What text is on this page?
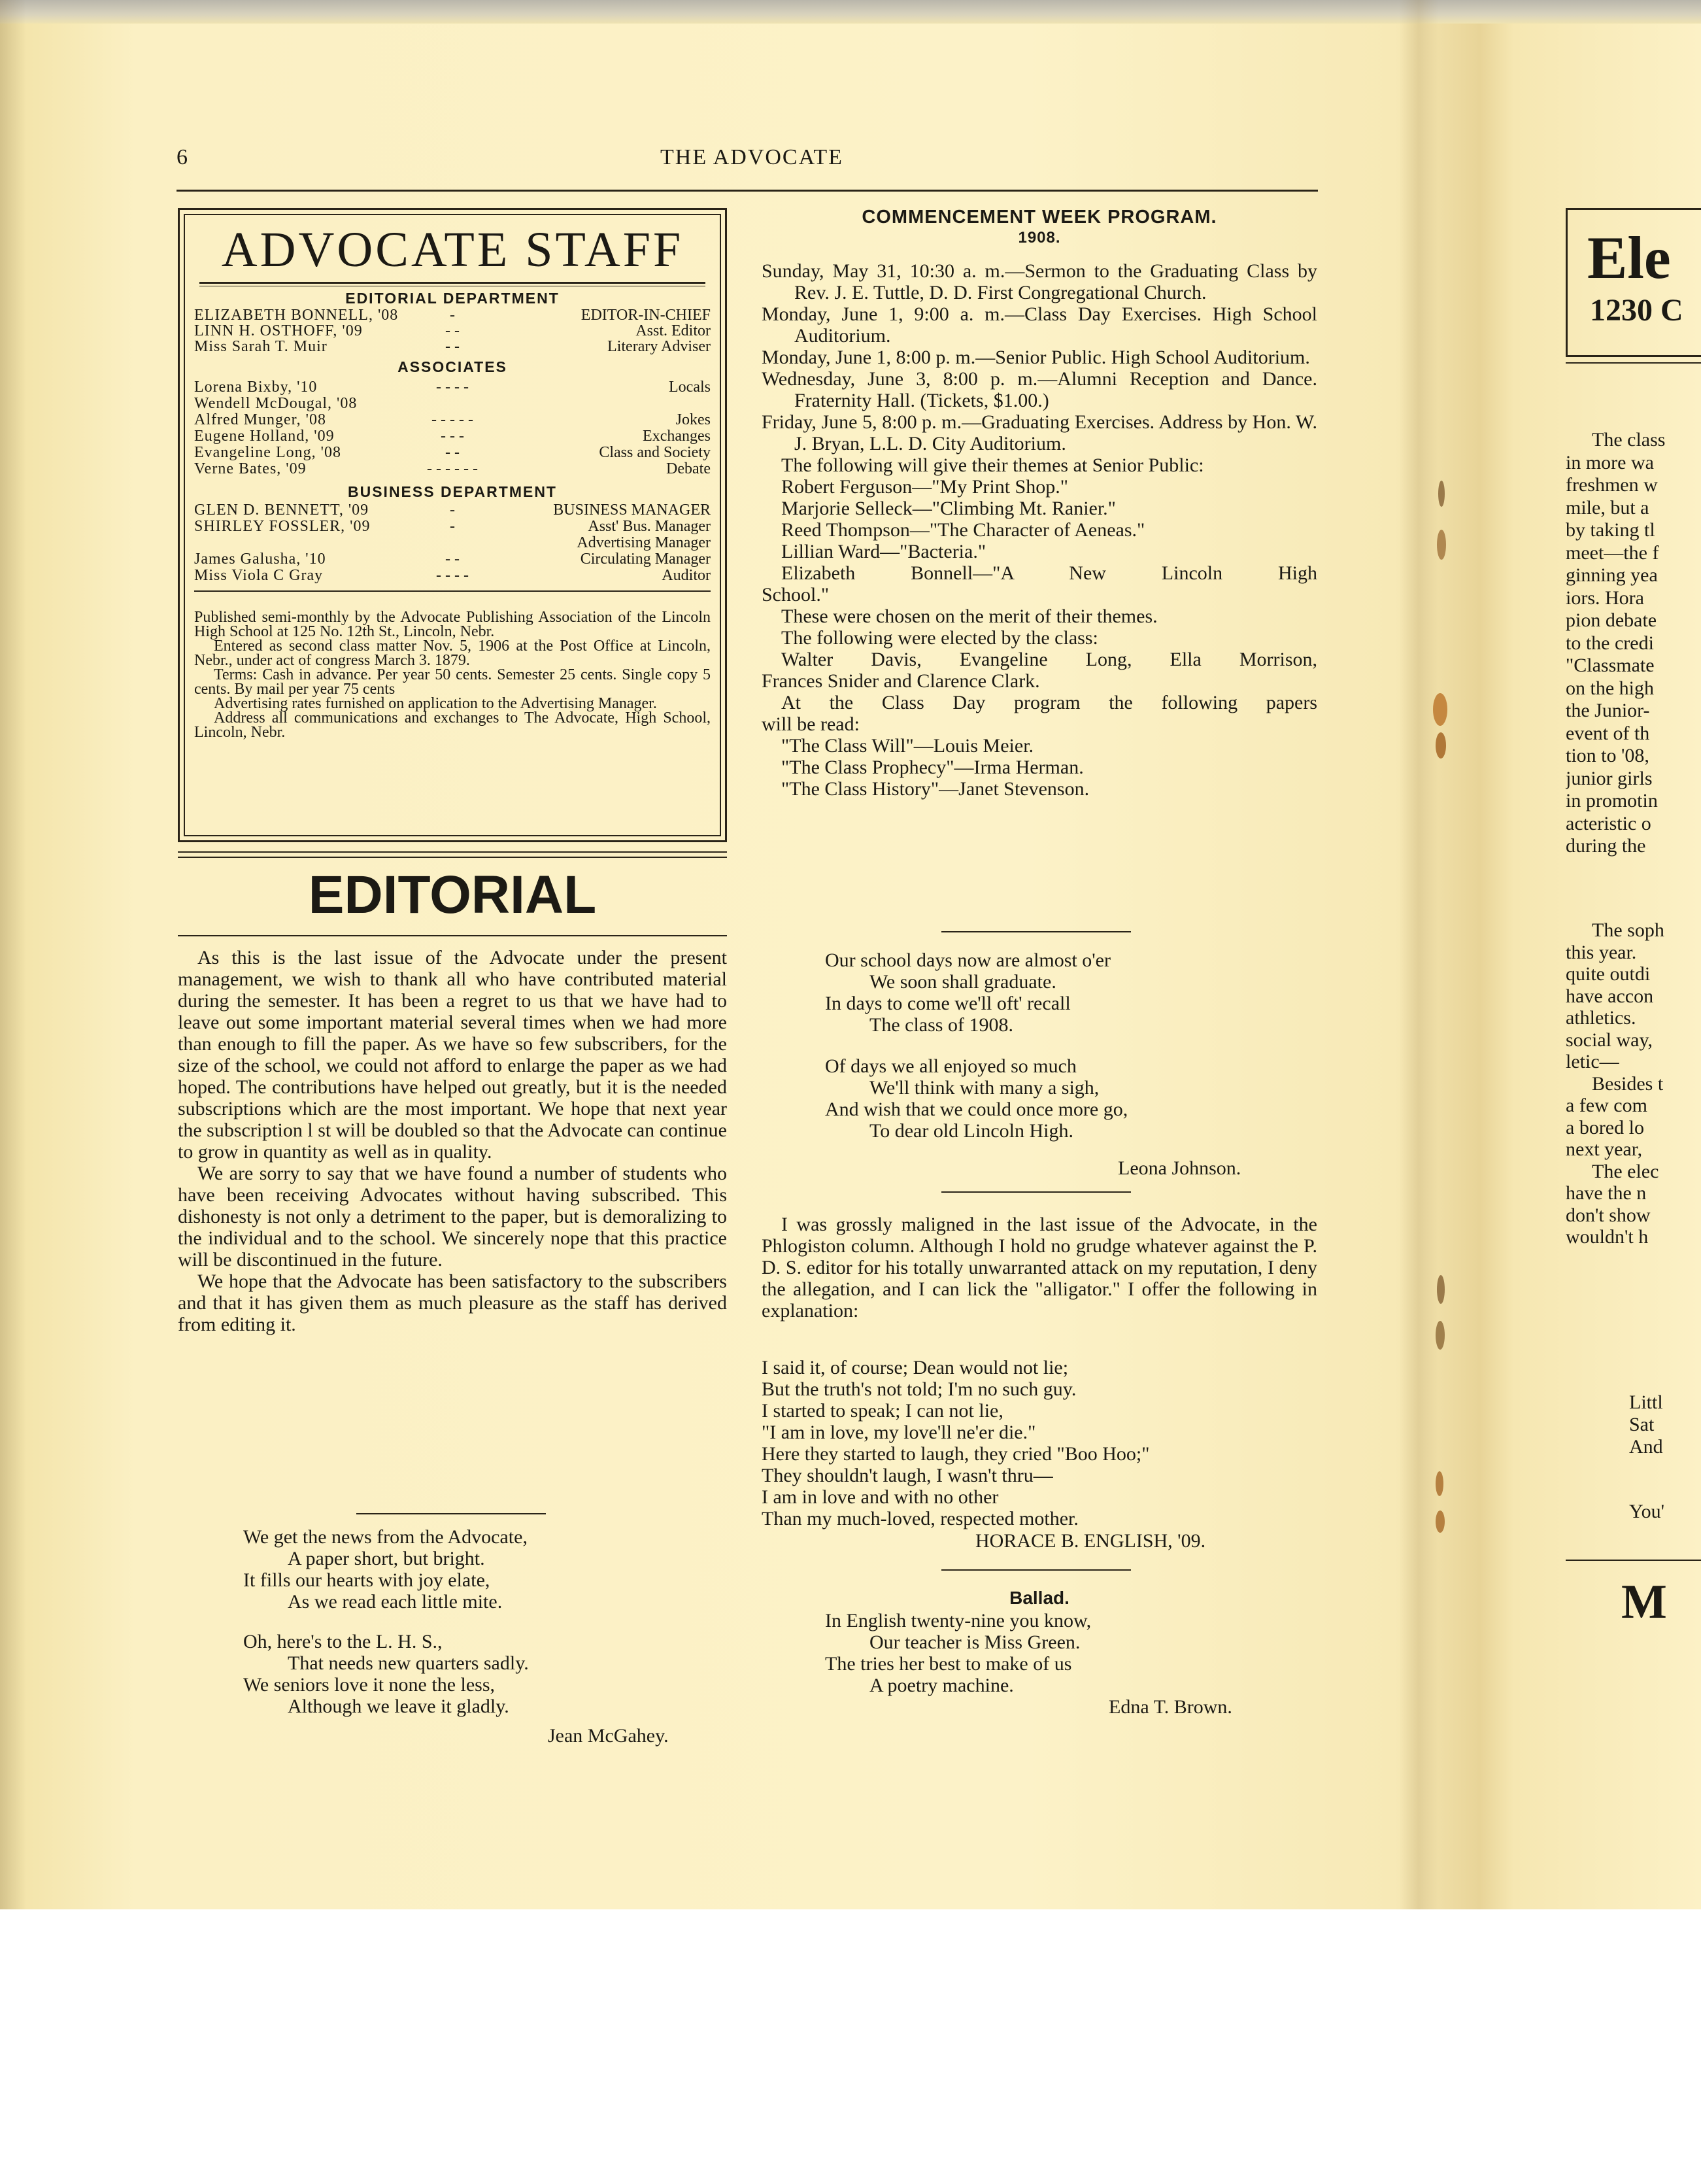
6	THE ADVOCATE
ADVOCATE STAFF
EDITORIAL DEPARTMENT
ASSOCIATES
BUSINESS DEPARTMENT
Published semi-monthly by the Advocate Publishing Association of the Lincoln High School at 125 No. 12th St., Lincoln, Nebr.
Entered as second class matter Nov. 5, 1906 at the Post Office at Lincoln, Nebr., under act of congress March 3. 1879.
Terms: Cash in advance. Per year 50 cents. Semester 25 cents. Single copy 5 cents. By mail per year 75 cents
Advertising rates furnished on application to the Advertising Manager.
Address all communications and exchanges to The Advocate, High School, Lincoln, Nebr.
ELIZABETH BONNELL, '08	-	EDITOR-IN-CHIEF
LINN H. OSTHOFF, '09	- -	Asst. Editor
Miss Sarah T. Muir	- -	Literary Adviser
Lorena Bixby, '10	- - - -	Locals
Wendell McDougal, '08
Alfred Munger, '08	- - - - -	Jokes
Eugene Holland, '09	- - -	Exchanges
Evangeline Long, '08	- -	Class and Society
Verne Bates, '09	- - - - - -	Debate
GLEN D. BENNETT, '09	-	BUSINESS MANAGER
SHIRLEY FOSSLER, '09	-	Asst' Bus. Manager
Advertising Manager
James Galusha, '10	- -	Circulating Manager
Miss Viola C Gray	- - - -	Auditor
EDITORIAL
As this is the last issue of the Advocate under the present management, we wish to thank all who have contributed material during the semester. It has been a regret to us that we have had to leave out some important material several times when we had more than enough to fill the paper. As we have so few subscribers, for the size of the school, we could not afford to enlarge the paper as we had hoped. The contributions have helped out greatly, but it is the needed subscriptions which are the most important. We hope that next year the subscription l st will be doubled so that the Advocate can continue to grow in quantity as well as in quality.
We are sorry to say that we have found a number of students who have been receiving Advocates without having subscribed. This dishonesty is not only a detriment to the paper, but is demoralizing to the individual and to the school. We sincerely nope that this practice will be discontinued in the future.
We hope that the Advocate has been satisfactory to the subscribers and that it has given them as much pleasure as the staff has derived from editing it.
Jean McGahey.
COMMENCEMENT WEEK PROGRAM.
1908.
Sunday, May 31, 10:30 a. m.—Sermon to the Graduating Class by Rev. J. E. Tuttle, D. D. First Congregational Church.
Monday, June 1, 9:00 a. m.—Class Day Exercises. High School Auditorium.
Monday, June 1, 8:00 p. m.—Senior Public. High School Auditorium.
Wednesday, June 3, 8:00 p. m.—Alumni Reception and Dance. Fraternity Hall. (Tickets, $1.00.)
Friday, June 5, 8:00 p. m.—Graduating Exercises. Address by Hon. W. J. Bryan, L.L. D. City Auditorium.
The following will give their themes at Senior Public:
Robert Ferguson—"My Print Shop."
Marjorie Selleck—"Climbing Mt. Ranier."
Reed Thompson—"The Character of Aeneas."
Lillian Ward—"Bacteria."
Elizabeth Bonnell—"A New Lincoln High
School."
These were chosen on the merit of their themes.
The following were elected by the class:
Walter Davis, Evangeline Long, Ella Morrison,
Frances Snider and Clarence Clark.
At the Class Day program the following papers
will be read:
"The Class Will"—Louis Meier.
"The Class Prophecy"—Irma Herman.
"The Class History"—Janet Stevenson.
Leona Johnson.
I was grossly maligned in the last issue of the Advocate, in the Phlogiston column. Although I hold no grudge whatever against the P. D. S. editor for his totally unwarranted attack on my reputation, I deny the allegation, and I can lick the "alligator." I offer the following in explanation:
HORACE B. ENGLISH, '09.
Ballad.
Edna T. Brown.
Ele
1230 C
You'
M
We get the news from the Advocate,
A paper short, but bright.
It fills our hearts with joy elate,
As we read each little mite.
Oh, here's to the L. H. S.,
That needs new quarters sadly.
We seniors love it none the less,
Although we leave it gladly.
Our school days now are almost o'er
We soon shall graduate.
In days to come we'll oft' recall
The class of 1908.
Of days we all enjoyed so much
We'll think with many a sigh,
And wish that we could once more go,
To dear old Lincoln High.
I said it, of course; Dean would not lie;
But the truth's not told; I'm no such guy.
I started to speak; I can not lie,
"I am in love, my love'll ne'er die."
Here they started to laugh, they cried "Boo Hoo;"
They shouldn't laugh, I wasn't thru—
I am in love and with no other
Than my much-loved, respected mother.
In English twenty-nine you know,
Our teacher is Miss Green.
The tries her best to make of us
A poetry machine.
The class
in more wa
freshmen w
mile, but a
by taking tl
meet—the f
ginning yea
iors. Hora
pion debate
to the credi
"Classmate
on the high
the Junior-
event of th
tion to '08,
junior girls
in promotin
acteristic o
during the
The soph
this year.
quite outdi
have accon
athletics.
social way,
letic—
Besides t
a few com
a bored lo
next year,
The elec
have the n
don't show
wouldn't h
Littl
Sat
And
